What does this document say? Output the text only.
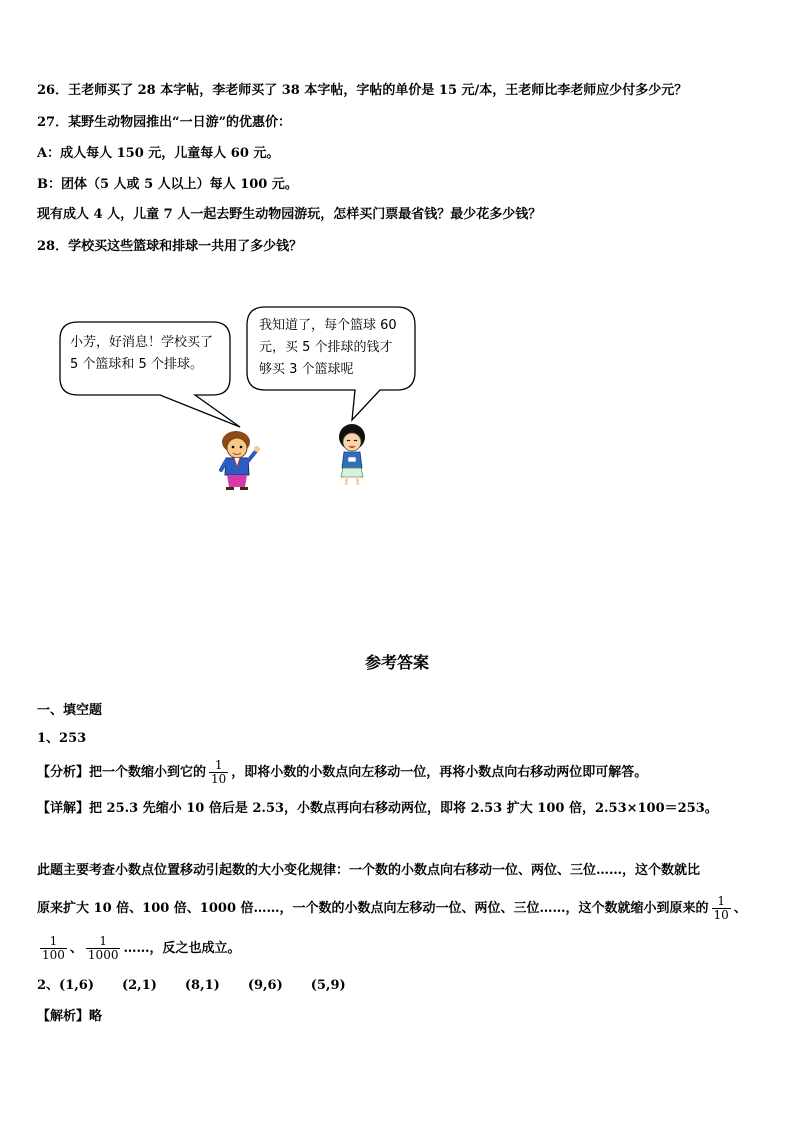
26．王老师买了 28 本字帖，李老师买了 38 本字帖，字帖的单价是 15 元/本，王老师比李老师应少付多少元？
27．某野生动物园推出“一日游”的优惠价：
A：成人每人 150 元，儿童每人 60 元。
B：团体（5 人或 5 人以上）每人 100 元。
现有成人 4 人，儿童 7 人一起去野生动物园游玩，怎样买门票最省钱？最少花多少钱？
28．学校买这些篮球和排球一共用了多少钱？
小芳，好消息！学校买了
5 个篮球和 5 个排球。
我知道了，每个篮球 60
元，买 5 个排球的钱才
够买 3 个篮球呢
参考答案
一、填空题
1、253
【分析】把一个数缩小到它的 $\frac{1}{10}$ ，即将小数的小数点向左移动一位，再将小数点向右移动两位即可解答。
【详解】把 25.3 先缩小 10 倍后是 2.53，小数点再向右移动两位，即将 2.53 扩大 100 倍，2.53×100＝253。
此题主要考查小数点位置移动引起数的大小变化规律：一个数的小数点向右移动一位、两位、三位……，这个数就比
原来扩大 10 倍、100 倍、1000 倍……，一个数的小数点向左移动一位、两位、三位……，这个数就缩小到原来的 $\frac{1}{10}$ 、
$\frac{1}{100}$ 、 $\frac{1}{1000}$ ……，反之也成立。
2、(1,6) (2,1) (8,1) (9,6) (5,9)
【解析】略
